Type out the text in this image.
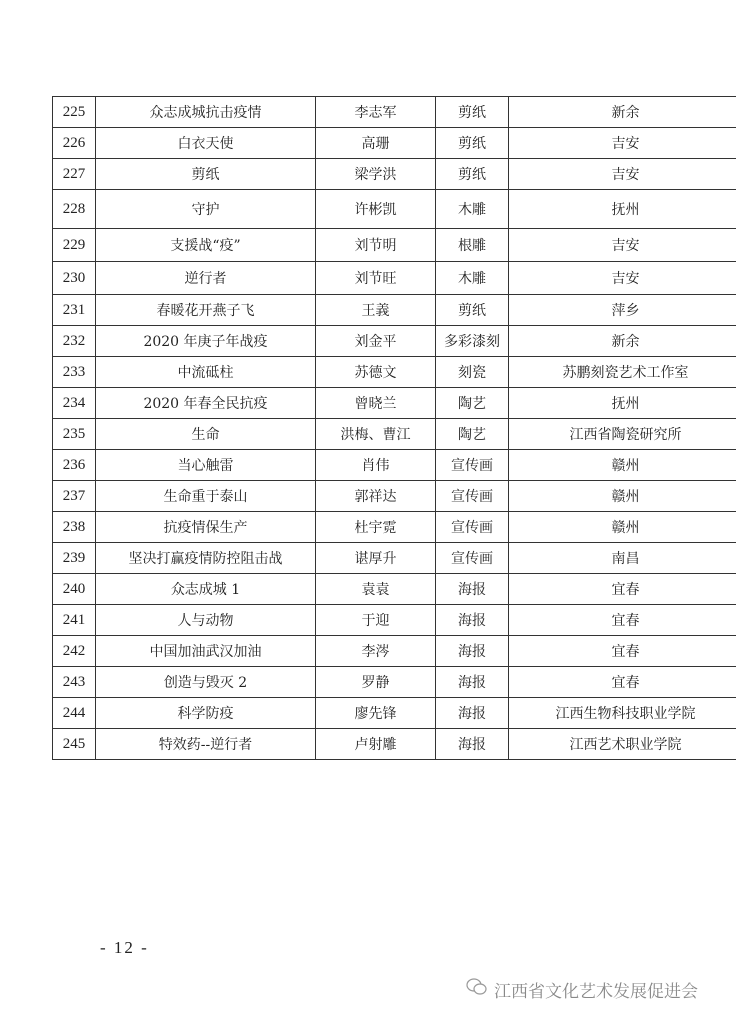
225	众志成城抗击疫情	李志军	剪纸	新余
226	白衣天使	高珊	剪纸	吉安
227	剪纸	梁学洪	剪纸	吉安
228	守护	许彬凯	木雕	抚州
229	支援战“疫”	刘节明	根雕	吉安
230	逆行者	刘节旺	木雕	吉安
231	春暖花开燕子飞	王義	剪纸	萍乡
232	2020 年庚子年战疫	刘金平	多彩漆刻	新余
233	中流砥柱	苏德文	刻瓷	苏鹏刻瓷艺术工作室
234	2020 年春全民抗疫	曾晓兰	陶艺	抚州
235	生命	洪梅、曹江	陶艺	江西省陶瓷研究所
236	当心触雷	肖伟	宣传画	赣州
237	生命重于泰山	郭祥达	宣传画	赣州
238	抗疫情保生产	杜宇霓	宣传画	赣州
239	坚决打赢疫情防控阻击战	谌厚升	宣传画	南昌
240	众志成城 1	袁袁	海报	宜春
241	人与动物	于迎	海报	宜春
242	中国加油武汉加油	李涔	海报	宜春
243	创造与毁灭 2	罗静	海报	宜春
244	科学防疫	廖先锋	海报	江西生物科技职业学院
245	特效药--逆行者	卢射雕	海报	江西艺术职业学院
- 12 -
江西省文化艺术发展促进会
